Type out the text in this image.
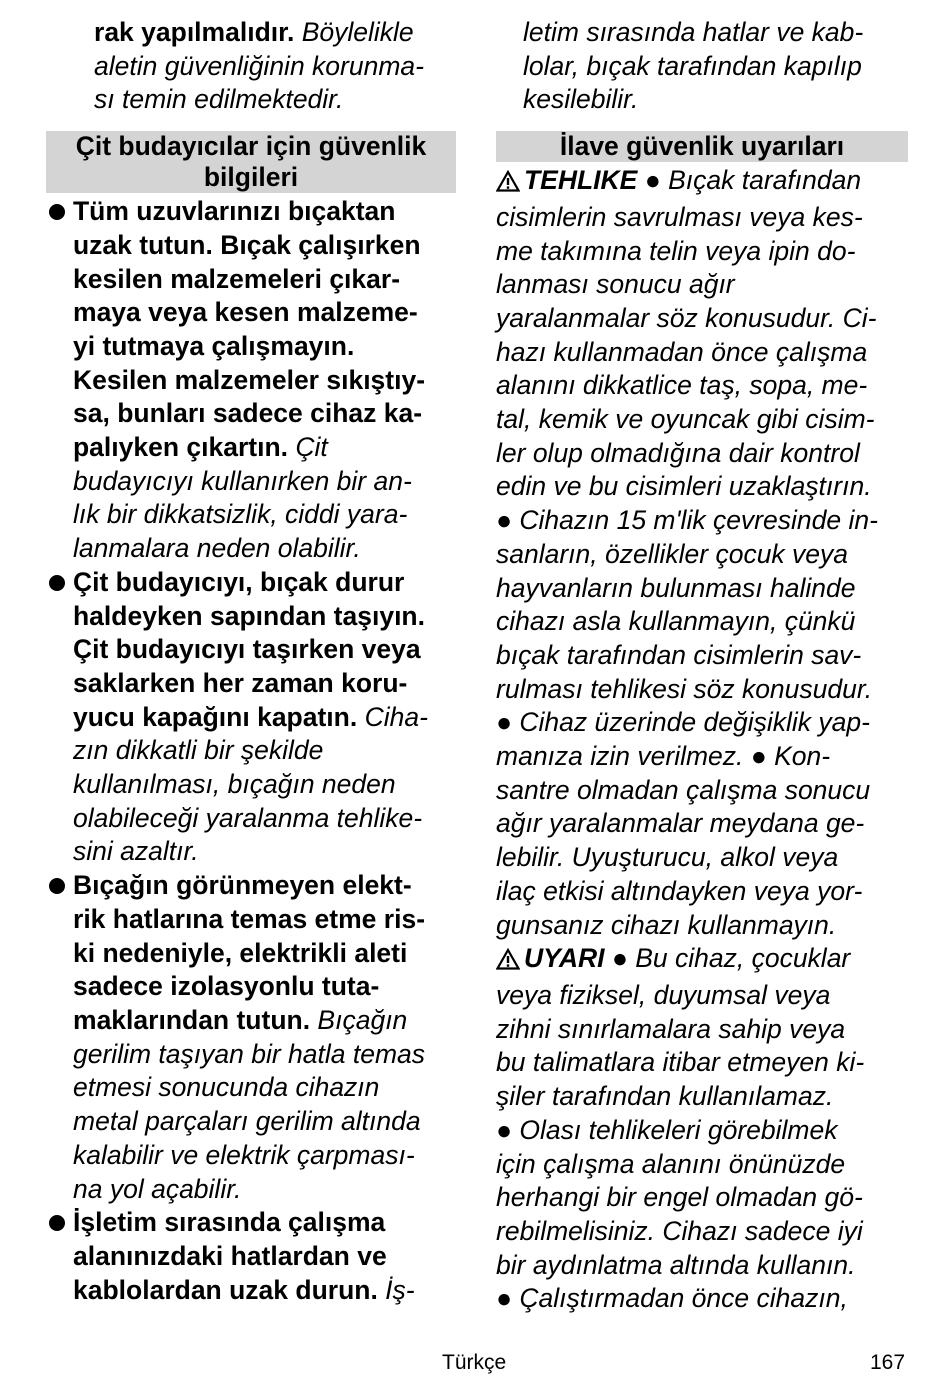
rak yapılmalıdır. Böylelikle
aletin güvenliğinin korunma-
sı temin edilmektedir.
Çit budayıcılar için güvenlik
bilgileri
Tüm uzuvlarınızı bıçaktan
uzak tutun. Bıçak çalışırken
kesilen malzemeleri çıkar-
maya veya kesen malzeme-
yi tutmaya çalışmayın.
Kesilen malzemeler sıkıştıy-
sa, bunları sadece cihaz ka-
palıyken çıkartın. Çit
budayıcıyı kullanırken bir an-
lık bir dikkatsizlik, ciddi yara-
lanmalara neden olabilir.
Çit budayıcıyı, bıçak durur
haldeyken sapından taşıyın.
Çit budayıcıyı taşırken veya
saklarken her zaman koru-
yucu kapağını kapatın. Ciha-
zın dikkatli bir şekilde
kullanılması, bıçağın neden
olabileceği yaralanma tehlike-
sini azaltır.
Bıçağın görünmeyen elekt-
rik hatlarına temas etme ris-
ki nedeniyle, elektrikli aleti
sadece izolasyonlu tuta-
maklarından tutun. Bıçağın
gerilim taşıyan bir hatla temas
etmesi sonucunda cihazın
metal parçaları gerilim altında
kalabilir ve elektrik çarpması-
na yol açabilir.
İşletim sırasında çalışma
alanınızdaki hatlardan ve
kablolardan uzak durun. İş-
letim sırasında hatlar ve kab-
lolar, bıçak tarafından kapılıp
kesilebilir.
İlave güvenlik uyarıları
TEHLIKE ● Bıçak tarafından
cisimlerin savrulması veya kes-
me takımına telin veya ipin do-
lanması sonucu ağır
yaralanmalar söz konusudur. Ci-
hazı kullanmadan önce çalışma
alanını dikkatlice taş, sopa, me-
tal, kemik ve oyuncak gibi cisim-
ler olup olmadığına dair kontrol
edin ve bu cisimleri uzaklaştırın.
● Cihazın 15 m'lik çevresinde in-
sanların, özellikler çocuk veya
hayvanların bulunması halinde
cihazı asla kullanmayın, çünkü
bıçak tarafından cisimlerin sav-
rulması tehlikesi söz konusudur.
● Cihaz üzerinde değişiklik yap-
manıza izin verilmez. ● Kon-
santre olmadan çalışma sonucu
ağır yaralanmalar meydana ge-
lebilir. Uyuşturucu, alkol veya
ilaç etkisi altındayken veya yor-
gunsanız cihazı kullanmayın.
UYARI ● Bu cihaz, çocuklar
veya fiziksel, duyumsal veya
zihni sınırlamalara sahip veya
bu talimatlara itibar etmeyen ki-
şiler tarafından kullanılamaz.
● Olası tehlikeleri görebilmek
için çalışma alanını önünüzde
herhangi bir engel olmadan gö-
rebilmelisiniz. Cihazı sadece iyi
bir aydınlatma altında kullanın.
● Çalıştırmadan önce cihazın,
Türkçe	167
